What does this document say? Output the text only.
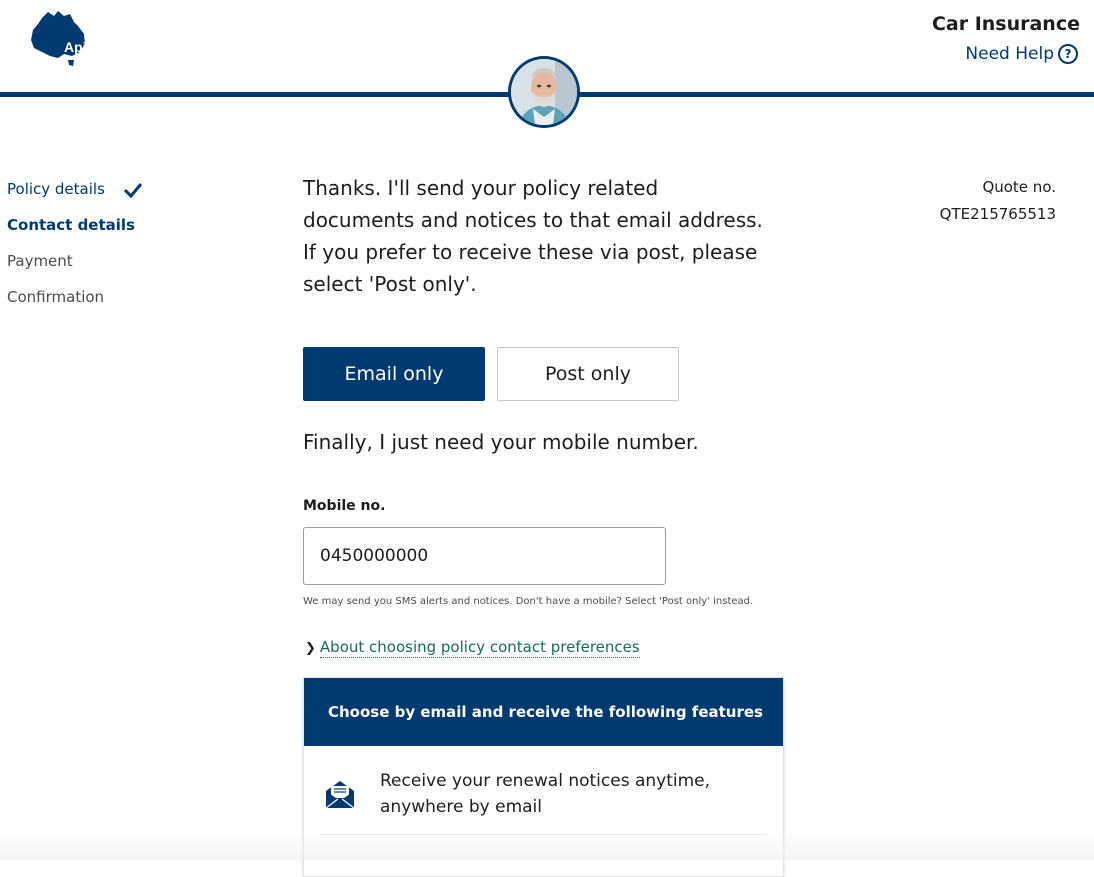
Apia
Car Insurance
Need Help ?
Policy details
Contact details
Payment
Confirmation

Thanks. I'll send your policy related documents and notices to that email address. If you prefer to receive these via post, please select 'Post only'.

Email only	Post only

Finally, I just need your mobile number.

Mobile no.
0450000000
We may send you SMS alerts and notices. Don't have a mobile? Select 'Post only' instead.
❯ About choosing policy contact preferences
Choose by email and receive the following features
Receive your renewal notices anytime, anywhere by email
Quote no.
QTE215765513
